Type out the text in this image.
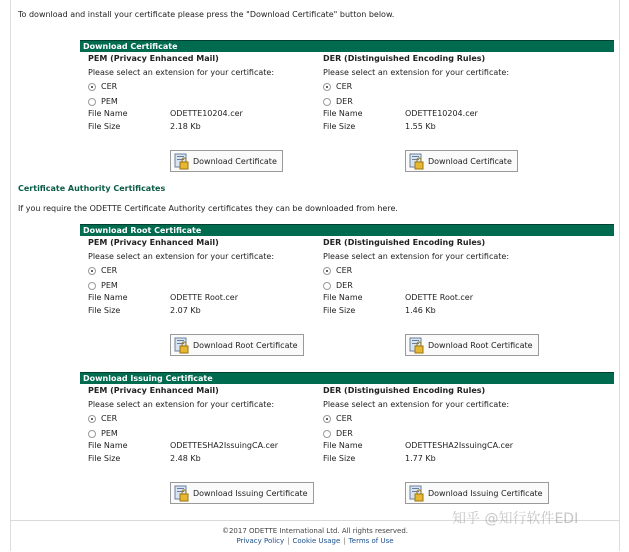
To download and install your certificate please press the "Download Certificate" button below.
Download Certificate
PEM (Privacy Enhanced Mail)
Please select an extension for your certificate:
CER
PEM
DER (Distinguished Encoding Rules)
Please select an extension for your certificate:
CER
DER
File Name	ODETTE10204.cer
File Size	2.18 Kb
Download Certificate
File Name	ODETTE10204.cer
File Size	1.55 Kb
Download Certificate
Certificate Authority Certificates
If you require the ODETTE Certificate Authority certificates they can be downloaded from here.
Download Root Certificate
PEM (Privacy Enhanced Mail)
Please select an extension for your certificate:
CER
PEM
DER (Distinguished Encoding Rules)
Please select an extension for your certificate:
CER
DER
File Name	ODETTE Root.cer
File Size	2.07 Kb
Download Root Certificate
File Name	ODETTE Root.cer
File Size	1.46 Kb
Download Root Certificate
Download Issuing Certificate
PEM (Privacy Enhanced Mail)
Please select an extension for your certificate:
CER
PEM
DER (Distinguished Encoding Rules)
Please select an extension for your certificate:
CER
DER
File Name	ODETTESHA2IssuingCA.cer
File Size	2.48 Kb
Download Issuing Certificate
File Name	ODETTESHA2IssuingCA.cer
File Size	1.77 Kb
Download Issuing Certificate
©2017 ODETTE International Ltd. All rights reserved.
Privacy Policy | Cookie Usage | Terms of Use
知乎 @知行软件EDI
